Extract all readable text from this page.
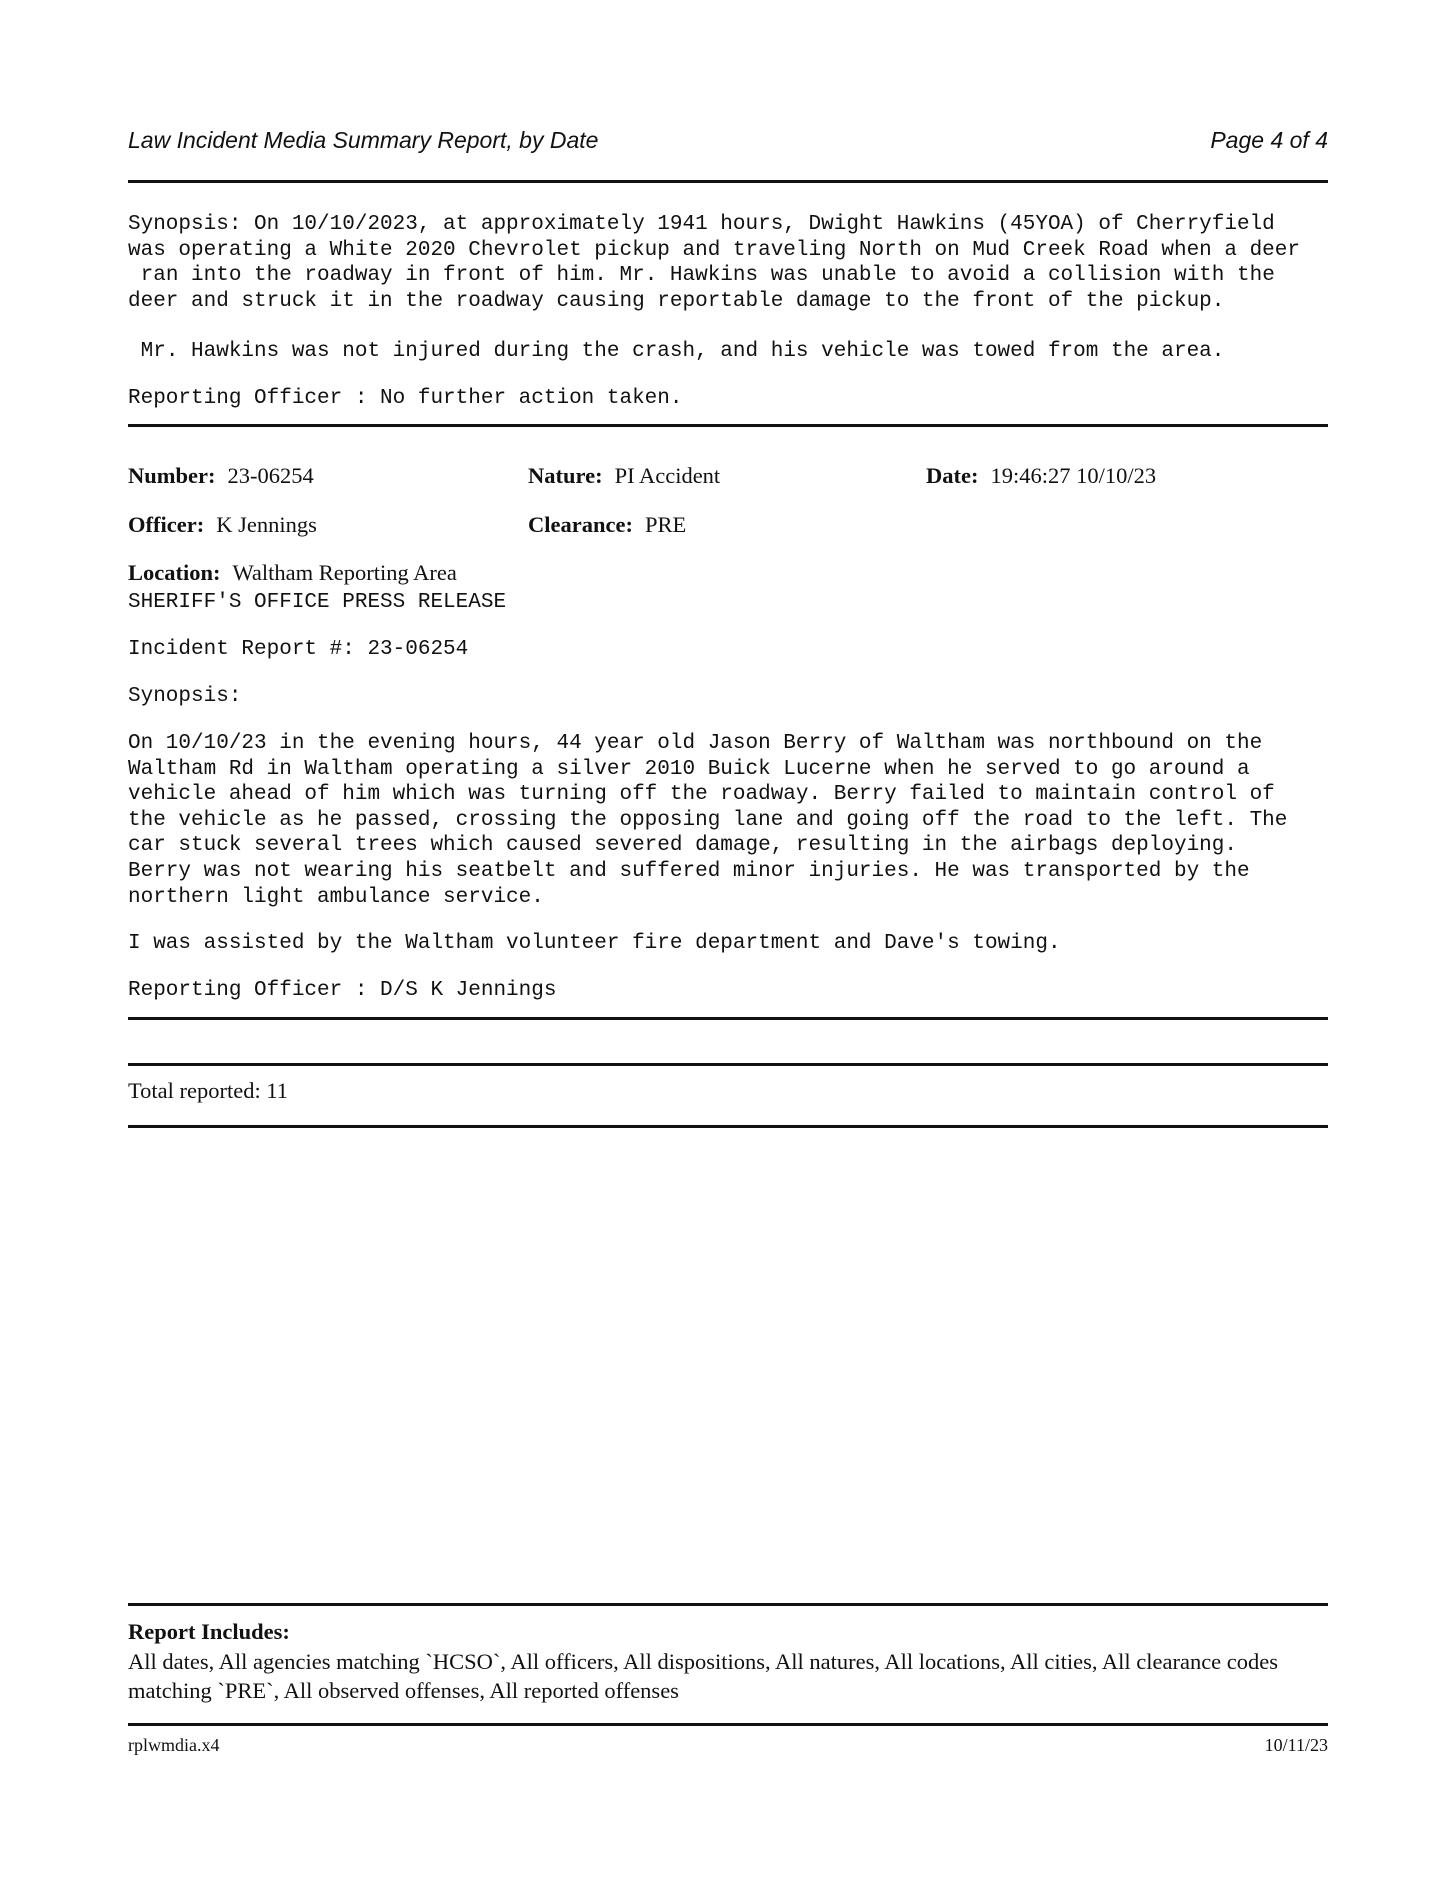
Law Incident Media Summary Report, by Date	Page 4 of 4
Synopsis: On 10/10/2023, at approximately 1941 hours, Dwight Hawkins (45YOA) of Cherryfield
was operating a White 2020 Chevrolet pickup and traveling North on Mud Creek Road when a deer
ran into the roadway in front of him. Mr. Hawkins was unable to avoid a collision with the
deer and struck it in the roadway causing reportable damage to the front of the pickup.
Mr. Hawkins was not injured during the crash, and his vehicle was towed from the area.
Reporting Officer : No further action taken.
Number: 23-06254	Nature: PI Accident	Date: 19:46:27 10/10/23
Officer: K Jennings	Clearance: PRE
Location: Waltham Reporting Area
SHERIFF'S OFFICE PRESS RELEASE
Incident Report #: 23-06254
Synopsis:
On 10/10/23 in the evening hours, 44 year old Jason Berry of Waltham was northbound on the
Waltham Rd in Waltham operating a silver 2010 Buick Lucerne when he served to go around a
vehicle ahead of him which was turning off the roadway. Berry failed to maintain control of
the vehicle as he passed, crossing the opposing lane and going off the road to the left. The
car stuck several trees which caused severed damage, resulting in the airbags deploying.
Berry was not wearing his seatbelt and suffered minor injuries. He was transported by the
northern light ambulance service.
I was assisted by the Waltham volunteer fire department and Dave's towing.
Reporting Officer : D/S K Jennings
Total reported: 11
Report Includes:
All dates, All agencies matching `HCSO`, All officers, All dispositions, All natures, All locations, All cities, All clearance codes matching `PRE`, All observed offenses, All reported offenses
rplwmdia.x4	10/11/23
